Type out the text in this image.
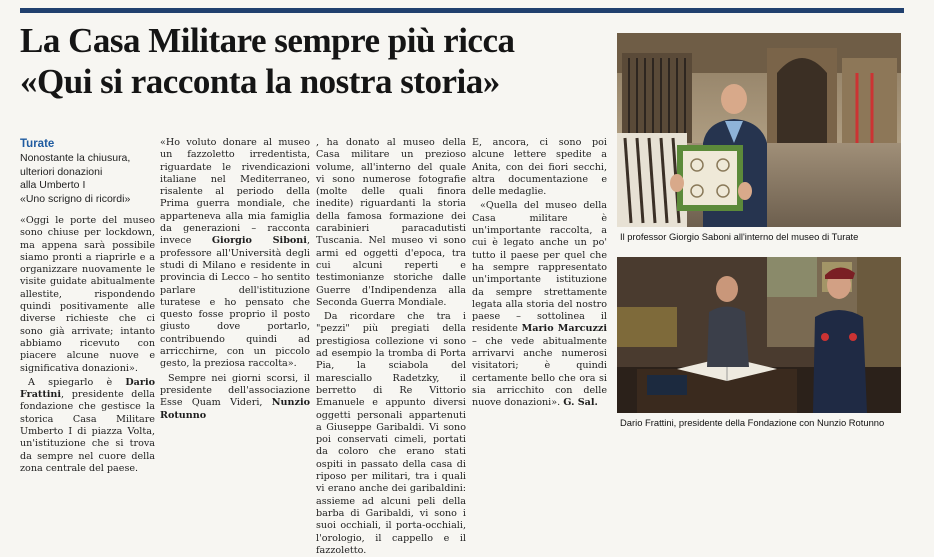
La Casa Militare sempre più ricca
«Qui si racconta la nostra storia»
Turate
Nonostante la chiusura,
ulteriori donazioni
alla Umberto I
«Uno scrigno di ricordi»

«Oggi le porte del museo sono chiuse per lockdown, ma appena sarà possibile siamo pronti a riaprirle e a organizzare nuovamente le visite guidate abitualmente allestite, rispondendo quindi positivamente alle diverse richieste che ci sono già arrivate; intanto abbiamo ricevuto con piacere alcune nuove e significativa donazioni».

A spiegarlo è Dario Frattini, presidente della fondazione che gestisce la storica Casa Militare Umberto I di piazza Volta, un'istituzione che si trova da sempre nel cuore della zona centrale del paese.

«Ho voluto donare al museo un fazzoletto irredentista, riguardate le rivendicazioni italiane nel Mediterraneo, risalente al periodo della Prima guerra mondiale, che apparteneva alla mia famiglia da generazioni – racconta invece Giorgio Siboni, professore all'Università degli studi di Milano e residente in provincia di Lecco – ho sentito parlare dell'istituzione turatese e ho pensato che questo fosse proprio il posto giusto dove portarlo, contribuendo quindi ad arricchirne, con un piccolo gesto, la preziosa raccolta».

Sempre nei giorni scorsi, il presidente dell'associazione Esse Quam Videri, Nunzio Rotunno

, ha donato al museo della Casa militare un prezioso volume, all'interno del quale vi sono numerose fotografie (molte delle quali finora inedite) riguardanti la storia della famosa formazione dei carabinieri paracadutisti Tuscania. Nel museo vi sono armi ed oggetti d'epoca, tra cui alcuni reperti e testimonianze storiche dalle Guerre d'Indipendenza alla Seconda Guerra Mondiale.

Da ricordare che tra i "pezzi" più pregiati della prestigiosa collezione vi sono ad esempio la tromba di Porta Pia, la sciabola del maresciallo Radetzky, il berretto di Re Vittorio Emanuele e appunto diversi oggetti personali appartenuti a Giuseppe Garibaldi. Vi sono poi conservati cimeli, portati da coloro che erano stati ospiti in passato della casa di riposo per militari, tra i quali vi erano anche dei garibaldini: assieme ad alcuni peli della barba di Garibaldi, vi sono i suoi occhiali, il porta-occhiali, l'orologio, il cappello e il fazzoletto.

E, ancora, ci sono poi alcune lettere spedite a Anita, con dei fiori secchi, altra documentazione e delle medaglie.

«Quella del museo della Casa militare è un'importante raccolta, a cui è legato anche un po' tutto il paese per quel che ha sempre rappresentato un'importante istituzione da sempre strettamente legata alla storia del nostro paese – sottolinea il residente Mario Marcuzzi – che vede abitualmente arrivarvi anche numerosi visitatori; è quindi certamente bello che ora si sia arricchito con delle nuove donazioni». G. Sal.

Il professor Giorgio Saboni all'interno del museo di Turate
Dario Frattini, presidente della Fondazione con Nunzio Rotunno
